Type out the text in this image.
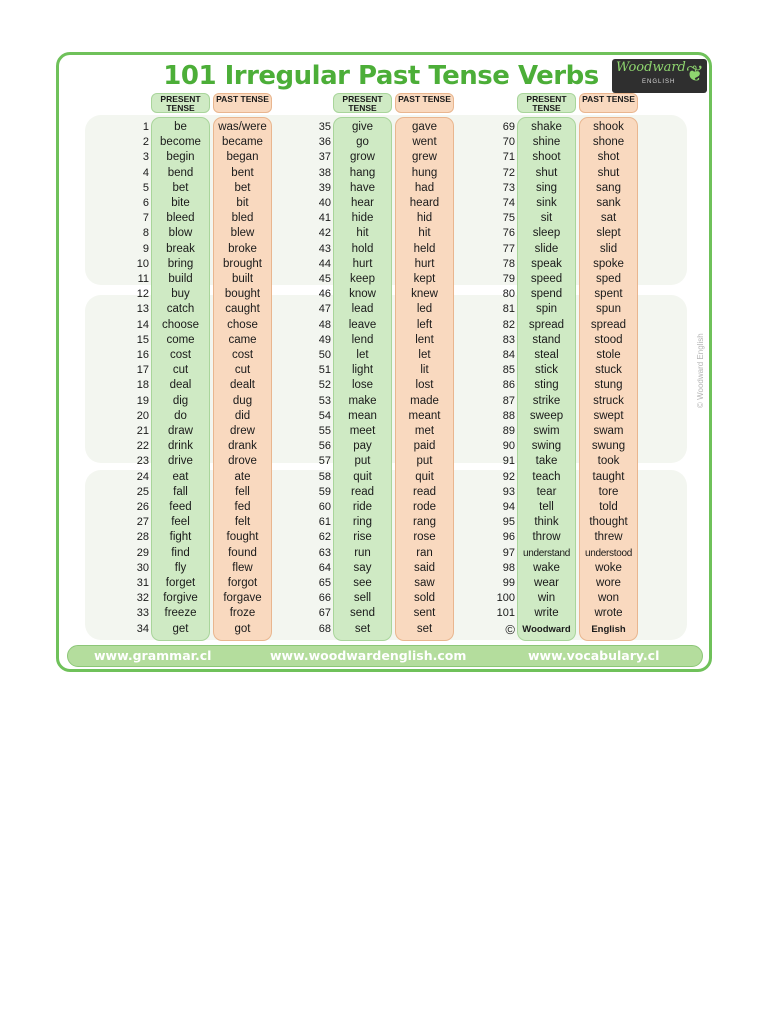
101 Irregular Past Tense Verbs	Woodward
ENGLISH ❦
PRESENT TENSE
PAST TENSE	PRESENT TENSE
PAST TENSE	PRESENT TENSE
PAST TENSE
1	be	was/were
2 become	became
3	begin	began
4	bend	bent
5	bet	bet
6	bite	bit
7	bleed	bled
8	blow	blew
9	break	broke
10	bring	brought
11	build	built
12	buy	bought
13	catch	caught
14	choose	chose
15	come	came
16	cost	cost
17	cut	cut
18	deal	dealt
19	dig	dug
20	do	did
21	draw	drew
22	drink	drank
23	drive	drove
24	eat	ate
25	fall	fell
26	feed	fed
27	feel	felt
28	fight	fought
29	find	found
30	fly	flew
31	forget	forgot
32	forgive	forgave
33	freeze	froze
34	get	got
35	give	gave
36	go	went
37	grow	grew
38	hang	hung
39	have	had
40	hear	heard
41	hide	hid
42	hit	hit
43	hold	held
44	hurt	hurt
45	keep	kept
46	know	knew
47	lead	led
48	leave	left
49	lend	lent
50	let	let
51	light	lit
52	lose	lost
53	make	made
54	mean	meant
55	meet	met
56	pay	paid
57	put	put
58	quit	quit
59	read	read
60	ride	rode
61	ring	rang
62	rise	rose
63	run	ran
64	say	said
65	see	saw
66	sell	sold
67	send	sent
68	set	set
69	shake	shook
70	shine	shone
71	shoot	shot
72	shut	shut
73	sing	sang
74	sink	sank
75	sit	sat
76	sleep	slept
77	slide	slid
78	speak	spoke
79	speed	sped
80	spend	spent
81	spin	spun
82	spread	spread
83	stand	stood
84	steal	stole
85	stick	stuck
86	sting	stung
87	strike	struck
88	sweep	swept
89	swim	swam
90	swing	swung
91	take	took
92	teach	taught
93	tear	tore
94	tell	told
95	think	thought
96	throw	threw
97 understand	understood
98	wake	woke
99	wear	wore
100	win	won
101	write	wrote
© Woodward	English
www.grammar.cl	www.woodwardenglish.com	www.vocabulary.cl
© Woodward English
